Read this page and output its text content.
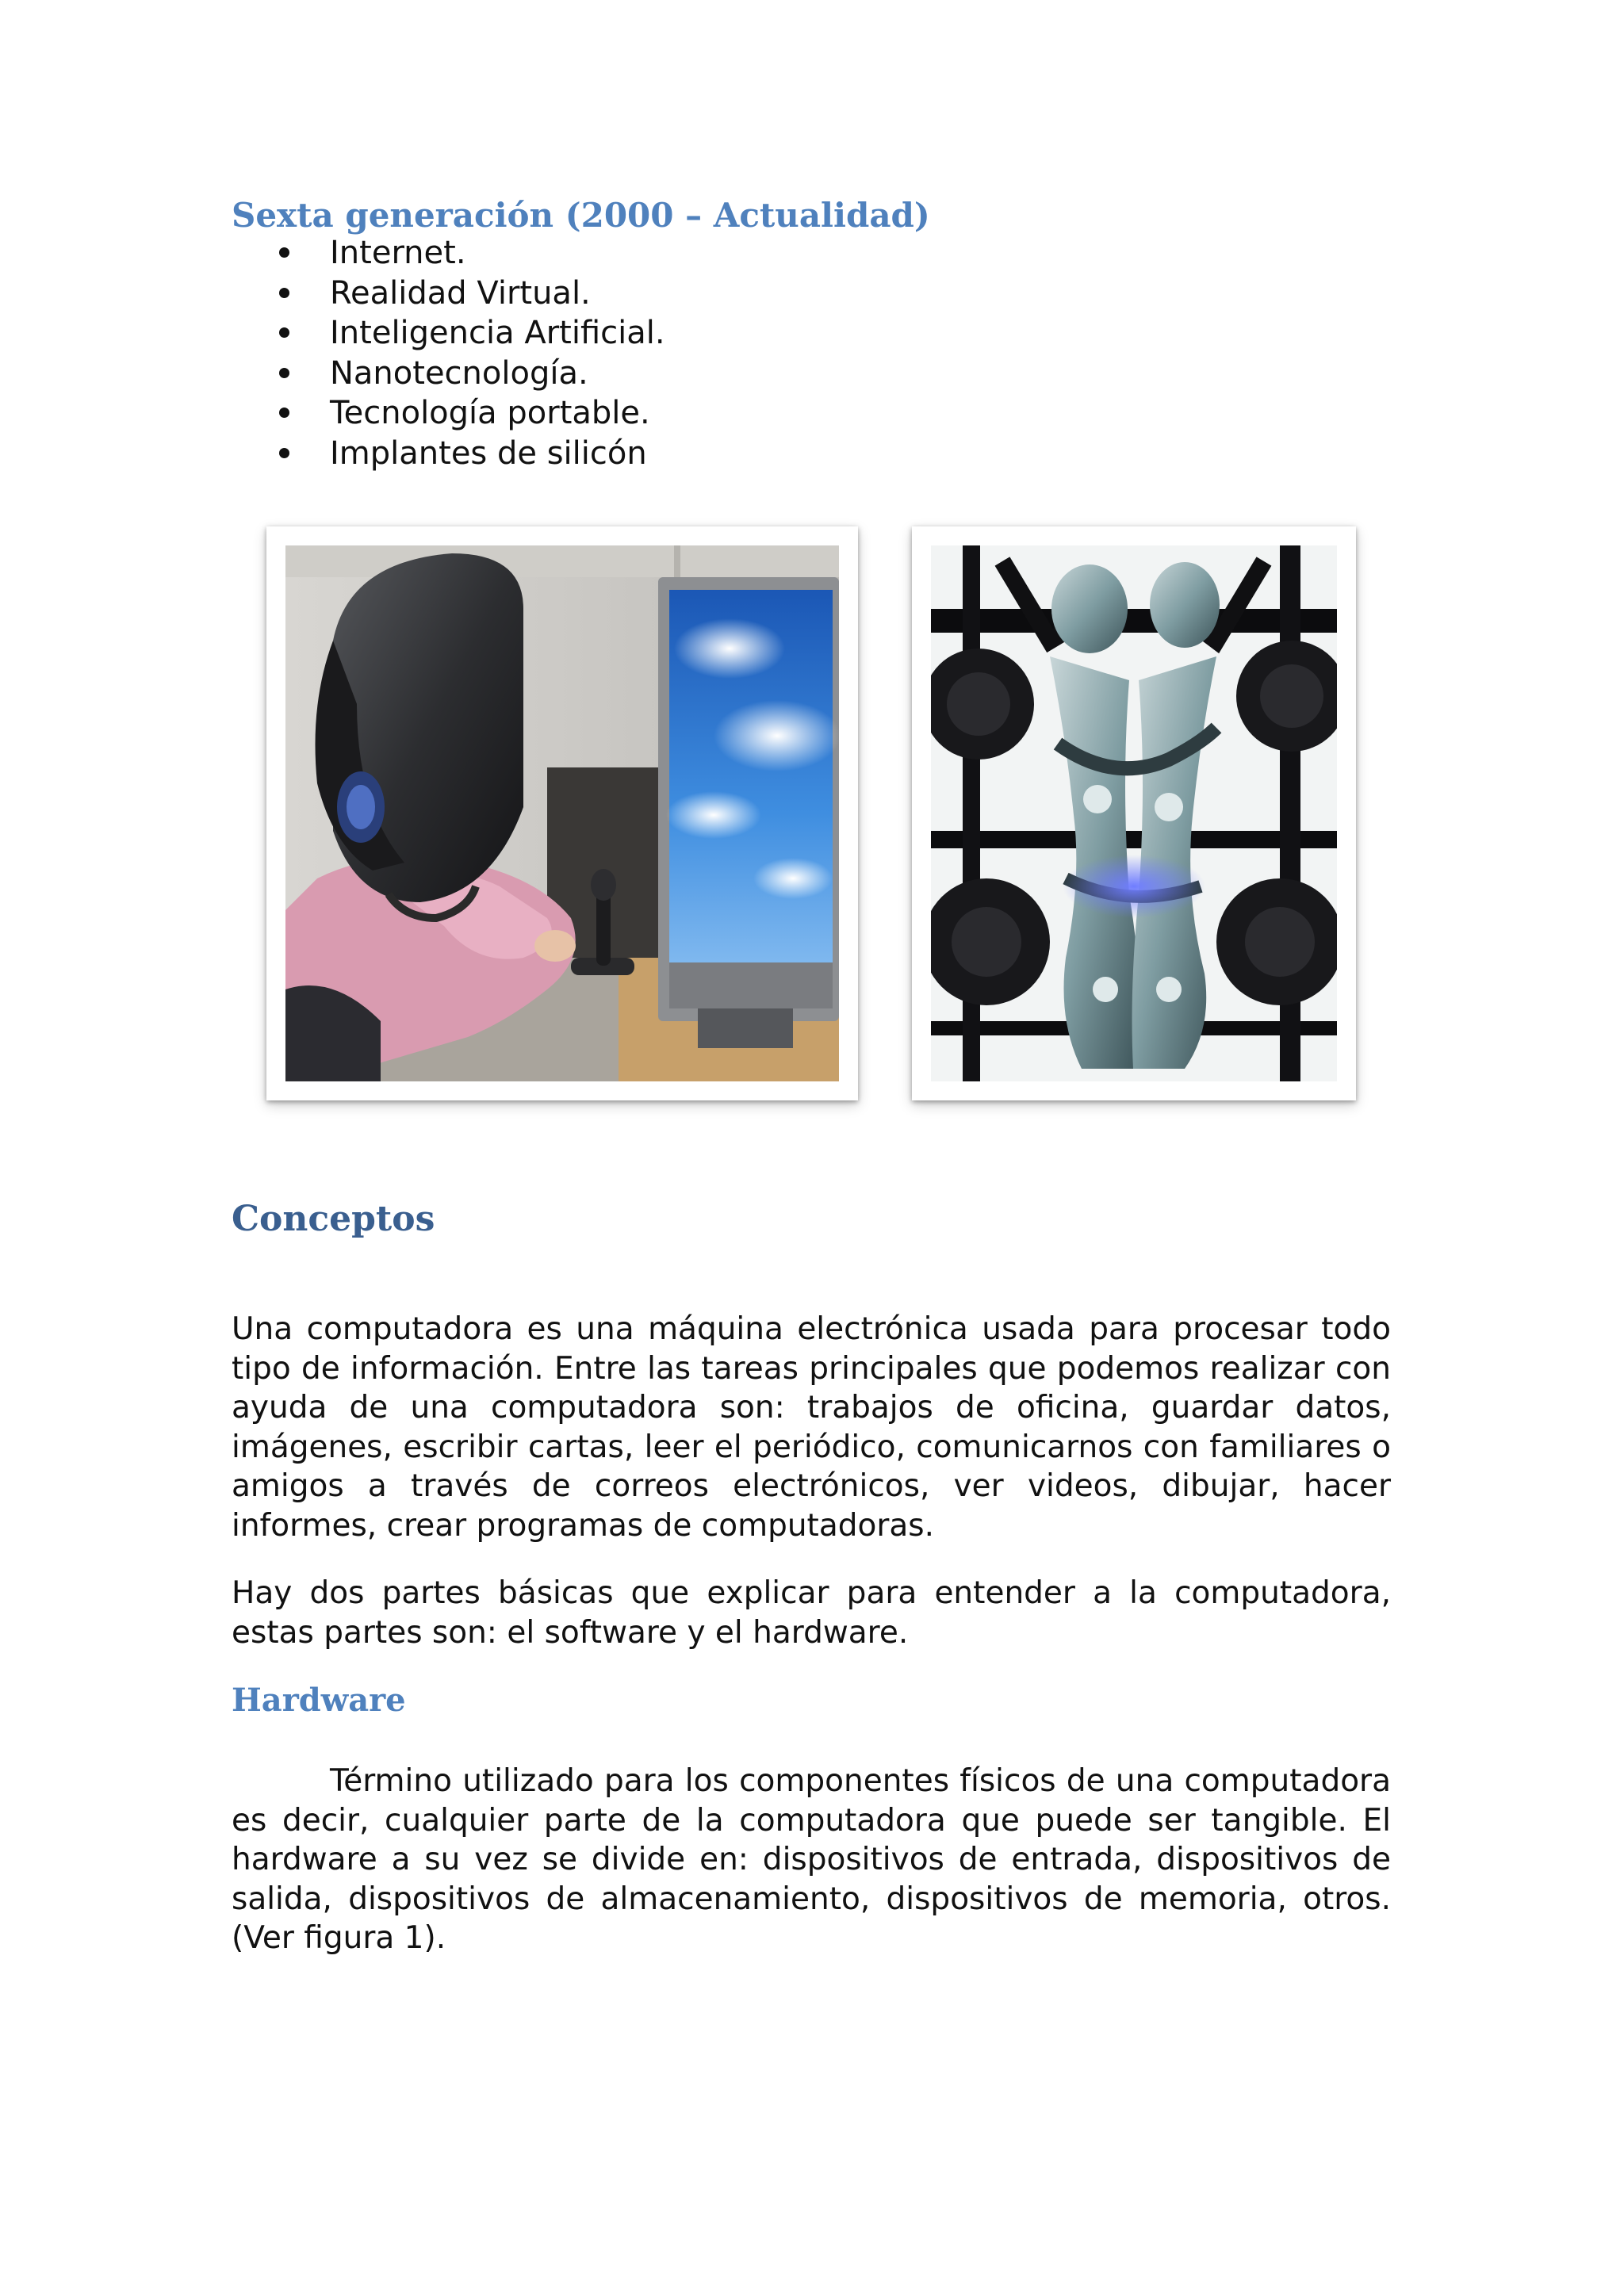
Sexta generación (2000 – Actualidad)
Internet.
Realidad Virtual.
Inteligencia Artificial.
Nanotecnología.
Tecnología portable.
Implantes de silicón
Conceptos

Una computadora es una máquina electrónica usada para procesar todo tipo de información. Entre las tareas principales que podemos realizar con ayuda de una computadora son: trabajos de oficina, guardar datos, imágenes, escribir cartas, leer el periódico, comunicarnos con familiares o amigos a través de correos electrónicos, ver videos, dibujar, hacer informes, crear programas de computadoras.

Hay dos partes básicas que explicar para entender a la computadora, estas partes son: el software y el hardware.

Hardware

Término utilizado para los componentes físicos de una computadora es decir, cualquier parte de la computadora que puede ser tangible. El hardware a su vez se divide en: dispositivos de entrada, dispositivos de salida, dispositivos de almacenamiento, dispositivos de memoria, otros. (Ver figura 1).
